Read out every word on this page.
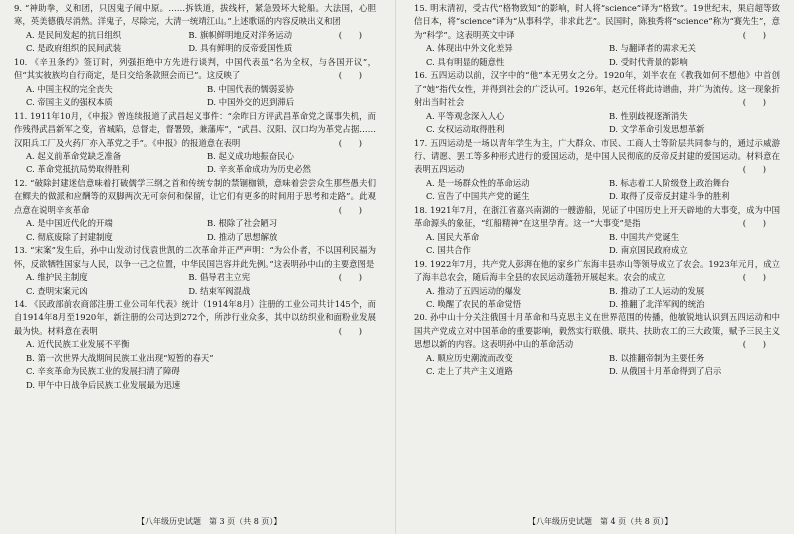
9. “神助拳，义和团，只因鬼子闹中原。……拆铁道，拔线杆，紧急毁坏大轮船。大法国，心胆寒，英美德俄尽消然。洋鬼子，尽除完，大清一统靖江山。”上述歌谣的内容反映出义和团
(　　)

A. 是民间发起的抗日组织	B. 旗帜鲜明地反对洋务运动
C. 是政府组织的民间武装	D. 具有鲜明的反帝爱国性质

10. 《辛丑条约》签订时，列强拒绝中方先进行谈判，中国代表虽“名为全权，与各国开议”，但“其实彼族均自行商定，是日交给条款照会而已”。这反映了	(　　)

A. 中国主权的完全丧失	B. 中国代表的懦弱妥协
C. 帝国主义的强权本质	D. 中国外交的迟到滞后

11. 1911年10月，《申报》曾连续报道了武昌起义事件：“余昨日方评武昌革命党之谋事失机，而作残得武昌新军之变，省城陷，总督走，督署毁，兼藩库”，“武昌、汉阳、汉口均为革党占据……汉阳兵工厂及火药厂亦入革党之手”。《申报》的报道意在表明	(　　)

A. 起义前革命党缺乏准备	B. 起义成功地振奋民心
C. 革命党抵抗局势取得胜利	D. 辛亥革命成功为历史必然

12. “破除封建迷信意味着打破儒学三纲之首和传统专制的禁锢枷锁，意味着尝尝众生那些愚夫们在鳏夫的做派和应酬等的双脚两次无可奈何和保留，让它们有更多的时间用于思考和走路”。此观点意在说明辛亥革命	(　　)

A. 是中国近代化的开端	B. 根除了社会陋习
C. 彻底废除了封建制度	D. 推动了思想解放

13. “宋案”发生后，孙中山发动讨伐袁世凯的二次革命并正严声明：“为公仆者，不以国利民福为怀，反欲牺牲国家与人民，以争一己之位置，中华民国岂容并此先例。”这表明孙中山的主要意图是
(　　)

A. 维护民主制度	B. 倡导君主立宪
C. 查明宋案元凶	D. 结束军阀混战

14. 《民政部前农商部注册工业公司年代表》统计（1914年8月）注册的工业公司共计145个，而自1914年8月至1920年，新注册的公司达到272个，所涉行业众多，其中以纺织业和面粉业发展最为快。材料意在表明	(　　)

A. 近代民族工业发展不平衡
B. 第一次世界大战期间民族工业出现“短暂的春天”
C. 辛亥革命为民族工业的发展扫清了障碍
D. 甲午中日战争后民族工业发展最为迅速

15. 明末清初，受古代“格物致知”的影响，时人将“science”译为“格致”。19世纪末，果启超等致信日本，将“science”译为“从事科学，非求此艺”。民国时，陈独秀将“science”称为“赛先生”，意为“科学”。这表明英文中译	(　　)

A. 体现出中外文化差异	B. 与翻译者的需求无关
C. 具有明显的随意性	D. 受时代背景的影响

16. 五四运动以前，汉字中的“他”本无男女之分。1920年，刘半农在《教我如何不想他》中首创了“她”指代女性，并得到社会的广泛认可。1926年，赵元任将此诗谱曲，并广为流传。这一现象折射出当时社会	(　　)

A. 平等观念深入人心	B. 性别歧视逐渐消失
C. 女权运动取得胜利	D. 文学革命引发思想革新

17. 五四运动是一场以青年学生为主，广大群众、市民、工商人士等阶层共同参与的，通过示威游行、请愿、罢工等多种形式进行的爱国运动，是中国人民彻底的反帝反封建的爱国运动。材料意在表明五四运动	(　　)

A. 是一场群众性的革命运动	B. 标志着工人阶级登上政治舞台
C. 宣告了中国共产党的诞生	D. 取得了反帝反封建斗争的胜利

18. 1921年7月，在浙江省嘉兴南湖的一艘游船，见证了中国历史上开天辟地的大事变，成为中国革命源头的象征，“红船精神”在这里孕育。这一“大事变”是指	(　　)

A. 国民大革命	B. 中国共产党诞生
C. 国共合作	D. 南京国民政府成立

19. 1922年7月，共产党人彭湃在他的家乡广东海丰县赤山等领导成立了农会。1923年元月，成立了海丰总农会，随后海丰全县的农民运动蓬勃开展起来。农会的成立	(　　)

A. 推动了五四运动的爆发	B. 推动了工人运动的发展
C. 唤醒了农民的革命觉悟	D. 推翻了北洋军阀的统治

20. 孙中山十分关注俄国十月革命和马克思主义在世界范围的传播，他敏锐地认识到五四运动和中国共产党成立对中国革命的重要影响，毅然实行联俄、联共、扶助农工的三大政策，赋予三民主义思想以新的内容。这表明孙中山的革命活动	(　　)

A. 顺应历史潮流而改变	B. 以推翻帝制为主要任务
C. 走上了共产主义道路	D. 从俄国十月革命得到了启示
【八年级历史试题　第 3 页（共 8 页）】	【八年级历史试题　第 4 页（共 8 页）】
